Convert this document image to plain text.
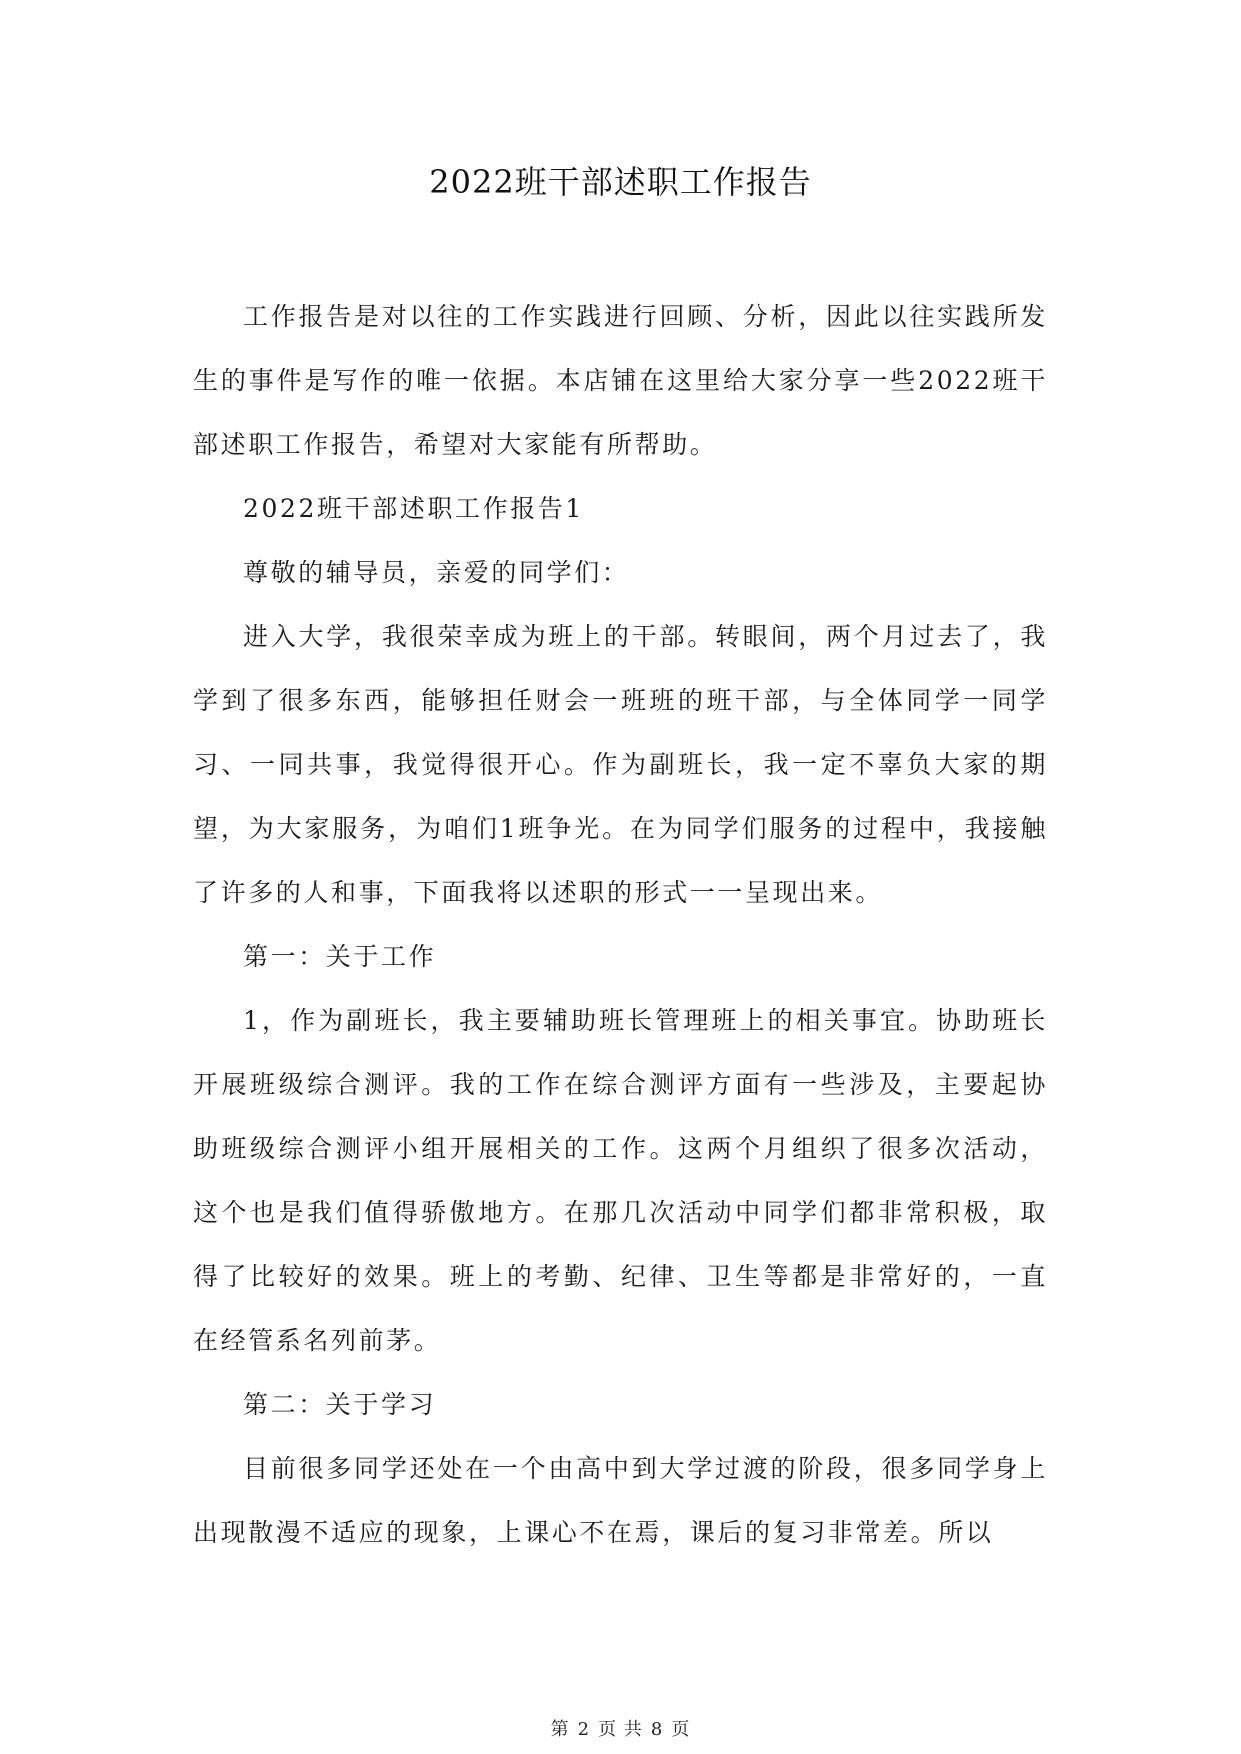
2022班干部述职工作报告

工作报告是对以往的工作实践进行回顾、分析，因此以往实践所发生的事件是写作的唯一依据。本店铺在这里给大家分享一些2022班干部述职工作报告，希望对大家能有所帮助。

2022班干部述职工作报告1

尊敬的辅导员，亲爱的同学们：

进入大学，我很荣幸成为班上的干部。转眼间，两个月过去了，我学到了很多东西，能够担任财会一班班的班干部，与全体同学一同学习、一同共事，我觉得很开心。作为副班长，我一定不辜负大家的期望，为大家服务，为咱们1班争光。在为同学们服务的过程中，我接触了许多的人和事，下面我将以述职的形式一一呈现出来。

第一：关于工作

1，作为副班长，我主要辅助班长管理班上的相关事宜。协助班长开展班级综合测评。我的工作在综合测评方面有一些涉及，主要起协助班级综合测评小组开展相关的工作。这两个月组织了很多次活动，这个也是我们值得骄傲地方。在那几次活动中同学们都非常积极，取得了比较好的效果。班上的考勤、纪律、卫生等都是非常好的，一直在经管系名列前茅。

第二：关于学习

目前很多同学还处在一个由高中到大学过渡的阶段，很多同学身上出现散漫不适应的现象，上课心不在焉，课后的复习非常差。所以

第 2 页 共 8 页
